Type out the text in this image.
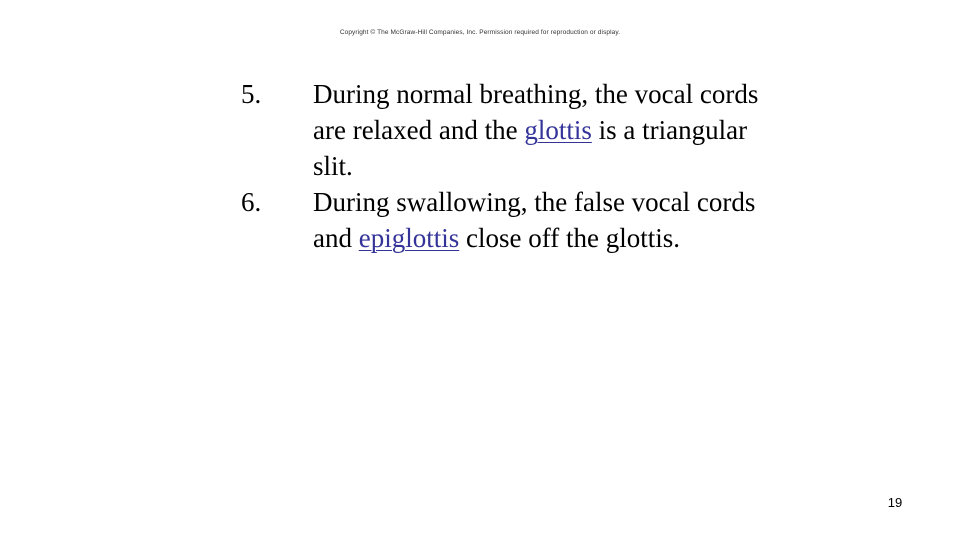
Copyright © The McGraw-Hill Companies, Inc. Permission required for reproduction or display.
5. During normal breathing, the vocal cords are relaxed and the glottis is a triangular slit.
6. During swallowing, the false vocal cords and epiglottis close off the glottis.
19
